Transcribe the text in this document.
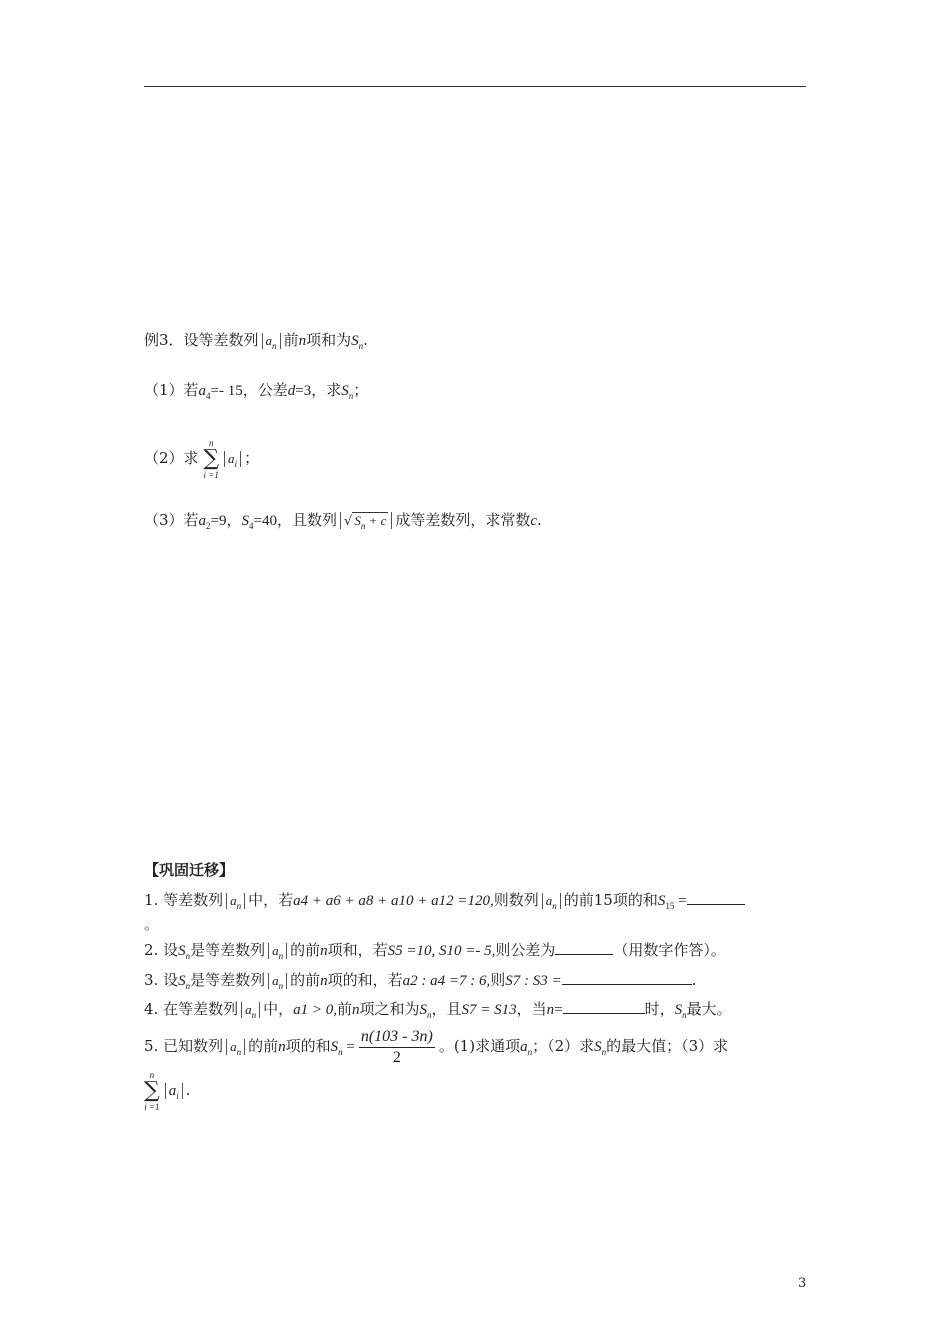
例3．设等差数列 $a_n$ 前n项和为$S_n$.
（1）若$a_4=-$ 15，公差d=3，求$S_n$；
（2）求
n
∑
i =1
$a_i$ ；
（3）若$a_2=9$，$S_4=40$，且数列 √ $S_n + c$ 成等差数列，求常数c.
【巩固迁移】
1. 等差数列 $a_n$ 中，若a4 + a6 + a8 + a10 + a12 =120,则数列 $a_n$ 的前15项的和$S_{15}$ =
。
2. 设$S_n$是等差数列 $a_n$ 的前n项和，若S5 =10, S10 =- 5,则公差为	（用数字作答）。
3. 设$S_n$是等差数列 $a_n$ 的前n项的和，若a2 : a4 =7 : 6,则S7 : S3 =	.
4. 在等差数列 $a_n$ 中，a1 > 0,前n项之和为$S_n$，且S7 = S13，当n=	时，$S_n$最大。
5. 已知数列 $a_n$ 的前n项的和$S_n = \frac{n(103 - 3n)}{2}$ 。(1)求通项$a_n$；（2）求$S_n$的最大值；（3）求
n
∑
i =1
$a_i$ .
3
